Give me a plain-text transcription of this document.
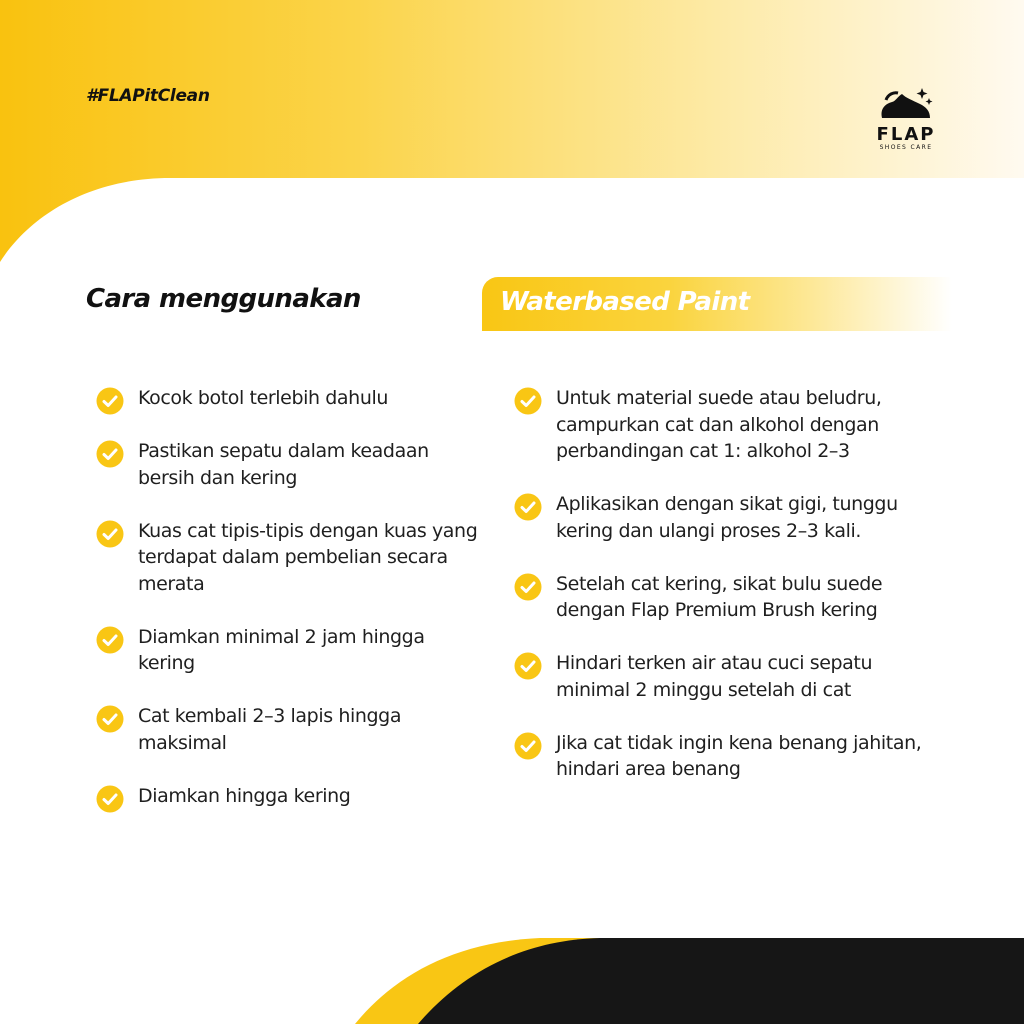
#FLAPitClean
FLAP
SHOES CARE
Cara menggunakan	Waterbased Paint
Kocok botol terlebih dahulu
Pastikan sepatu dalam keadaan bersih dan kering
Kuas cat tipis-tipis dengan kuas yang terdapat dalam pembelian secara merata
Diamkan minimal 2 jam hingga kering
Cat kembali 2–3 lapis hingga maksimal
Diamkan hingga kering
Untuk material suede atau beludru, campurkan cat dan alkohol dengan perbandingan cat 1: alkohol 2–3
Aplikasikan dengan sikat gigi, tunggu kering dan ulangi proses 2–3 kali.
Setelah cat kering, sikat bulu suede dengan Flap Premium Brush kering
Hindari terken air atau cuci sepatu minimal 2 minggu setelah di cat
Jika cat tidak ingin kena benang jahitan, hindari area benang
